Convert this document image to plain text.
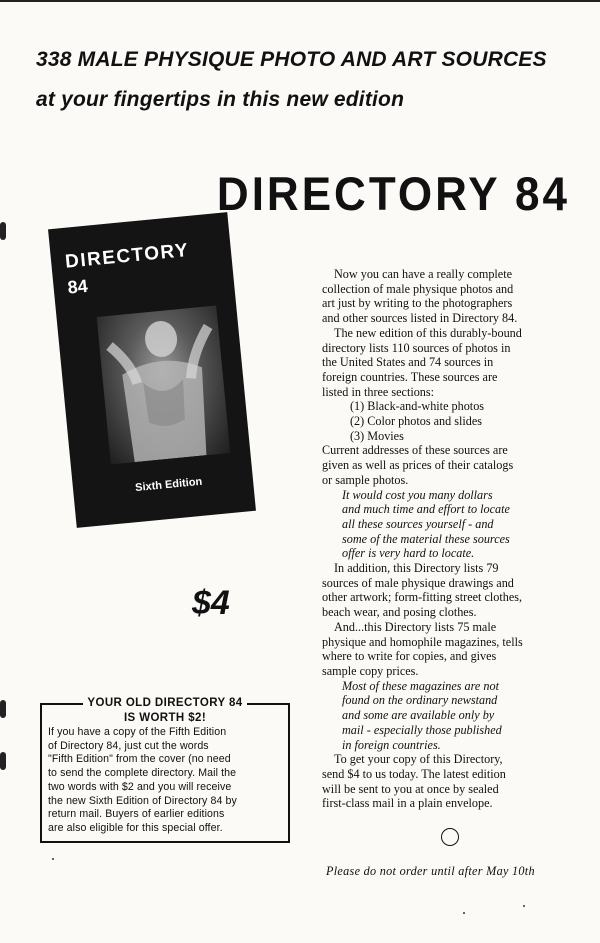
338 MALE PHYSIQUE PHOTO AND ART SOURCES
at your fingertips in this new edition
DIRECTORY 84
DIRECTORY
84
Sixth Edition
$4
YOUR OLD DIRECTORY 84
IS WORTH $2!
If you have a copy of the Fifth Edition
of Directory 84, just cut the words
"Fifth Edition" from the cover (no need
to send the complete directory. Mail the
two words with $2 and you will receive
the new Sixth Edition of Directory 84 by
return mail. Buyers of earlier editions
are also eligible for this special offer.
Now you can have a really complete
collection of male physique photos and
art just by writing to the photographers
and other sources listed in Directory 84.
The new edition of this durably-bound
directory lists 110 sources of photos in
the United States and 74 sources in
foreign countries. These sources are
listed in three sections:
(1) Black-and-white photos
(2) Color photos and slides
(3) Movies
Current addresses of these sources are
given as well as prices of their catalogs
or sample photos.
It would cost you many dollars
and much time and effort to locate
all these sources yourself - and
some of the material these sources
offer is very hard to locate.
In addition, this Directory lists 79
sources of male physique drawings and
other artwork; form-fitting street clothes,
beach wear, and posing clothes.
And...this Directory lists 75 male
physique and homophile magazines, tells
where to write for copies, and gives
sample copy prices.
Most of these magazines are not
found on the ordinary newstand
and some are available only by
mail - especially those published
in foreign countries.
To get your copy of this Directory,
send $4 to us today. The latest edition
will be sent to you at once by sealed
first-class mail in a plain envelope.
Please do not order until after May 10th
